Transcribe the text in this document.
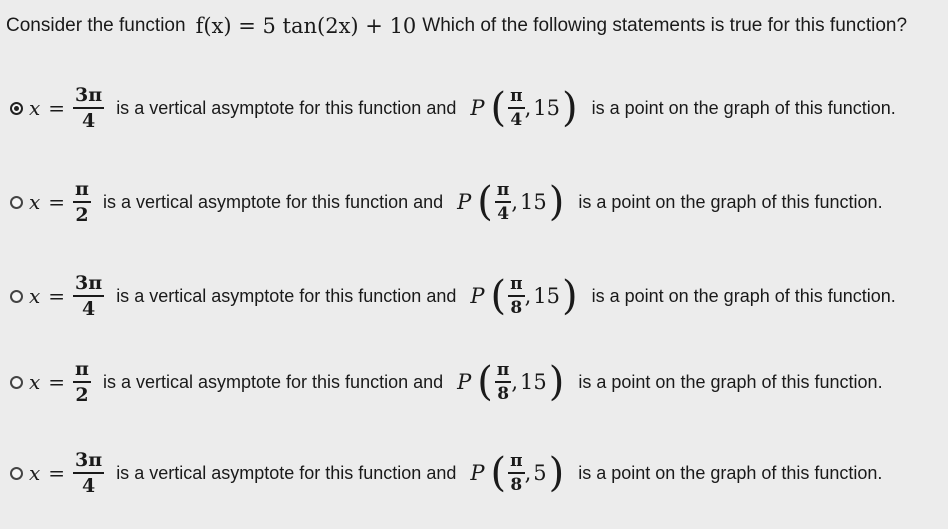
Consider the function f(x) = 5 tan(2x) + 10 Which of the following statements is true for this function?
$x = \frac{3\pi}{4}$ is a vertical asymptote for this function and P ( $\frac{\pi}{4}$ , 15 ) is a point on the graph of this function.
$x = \frac{\pi}{2}$ is a vertical asymptote for this function and P ( $\frac{\pi}{4}$ , 15 ) is a point on the graph of this function.
$x = \frac{3\pi}{4}$ is a vertical asymptote for this function and P ( $\frac{\pi}{8}$ , 15 ) is a point on the graph of this function.
$x = \frac{\pi}{2}$ is a vertical asymptote for this function and P ( $\frac{\pi}{8}$ , 15 ) is a point on the graph of this function.
$x = \frac{3\pi}{4}$ is a vertical asymptote for this function and P ( $\frac{\pi}{8}$ , 5 ) is a point on the graph of this function.
